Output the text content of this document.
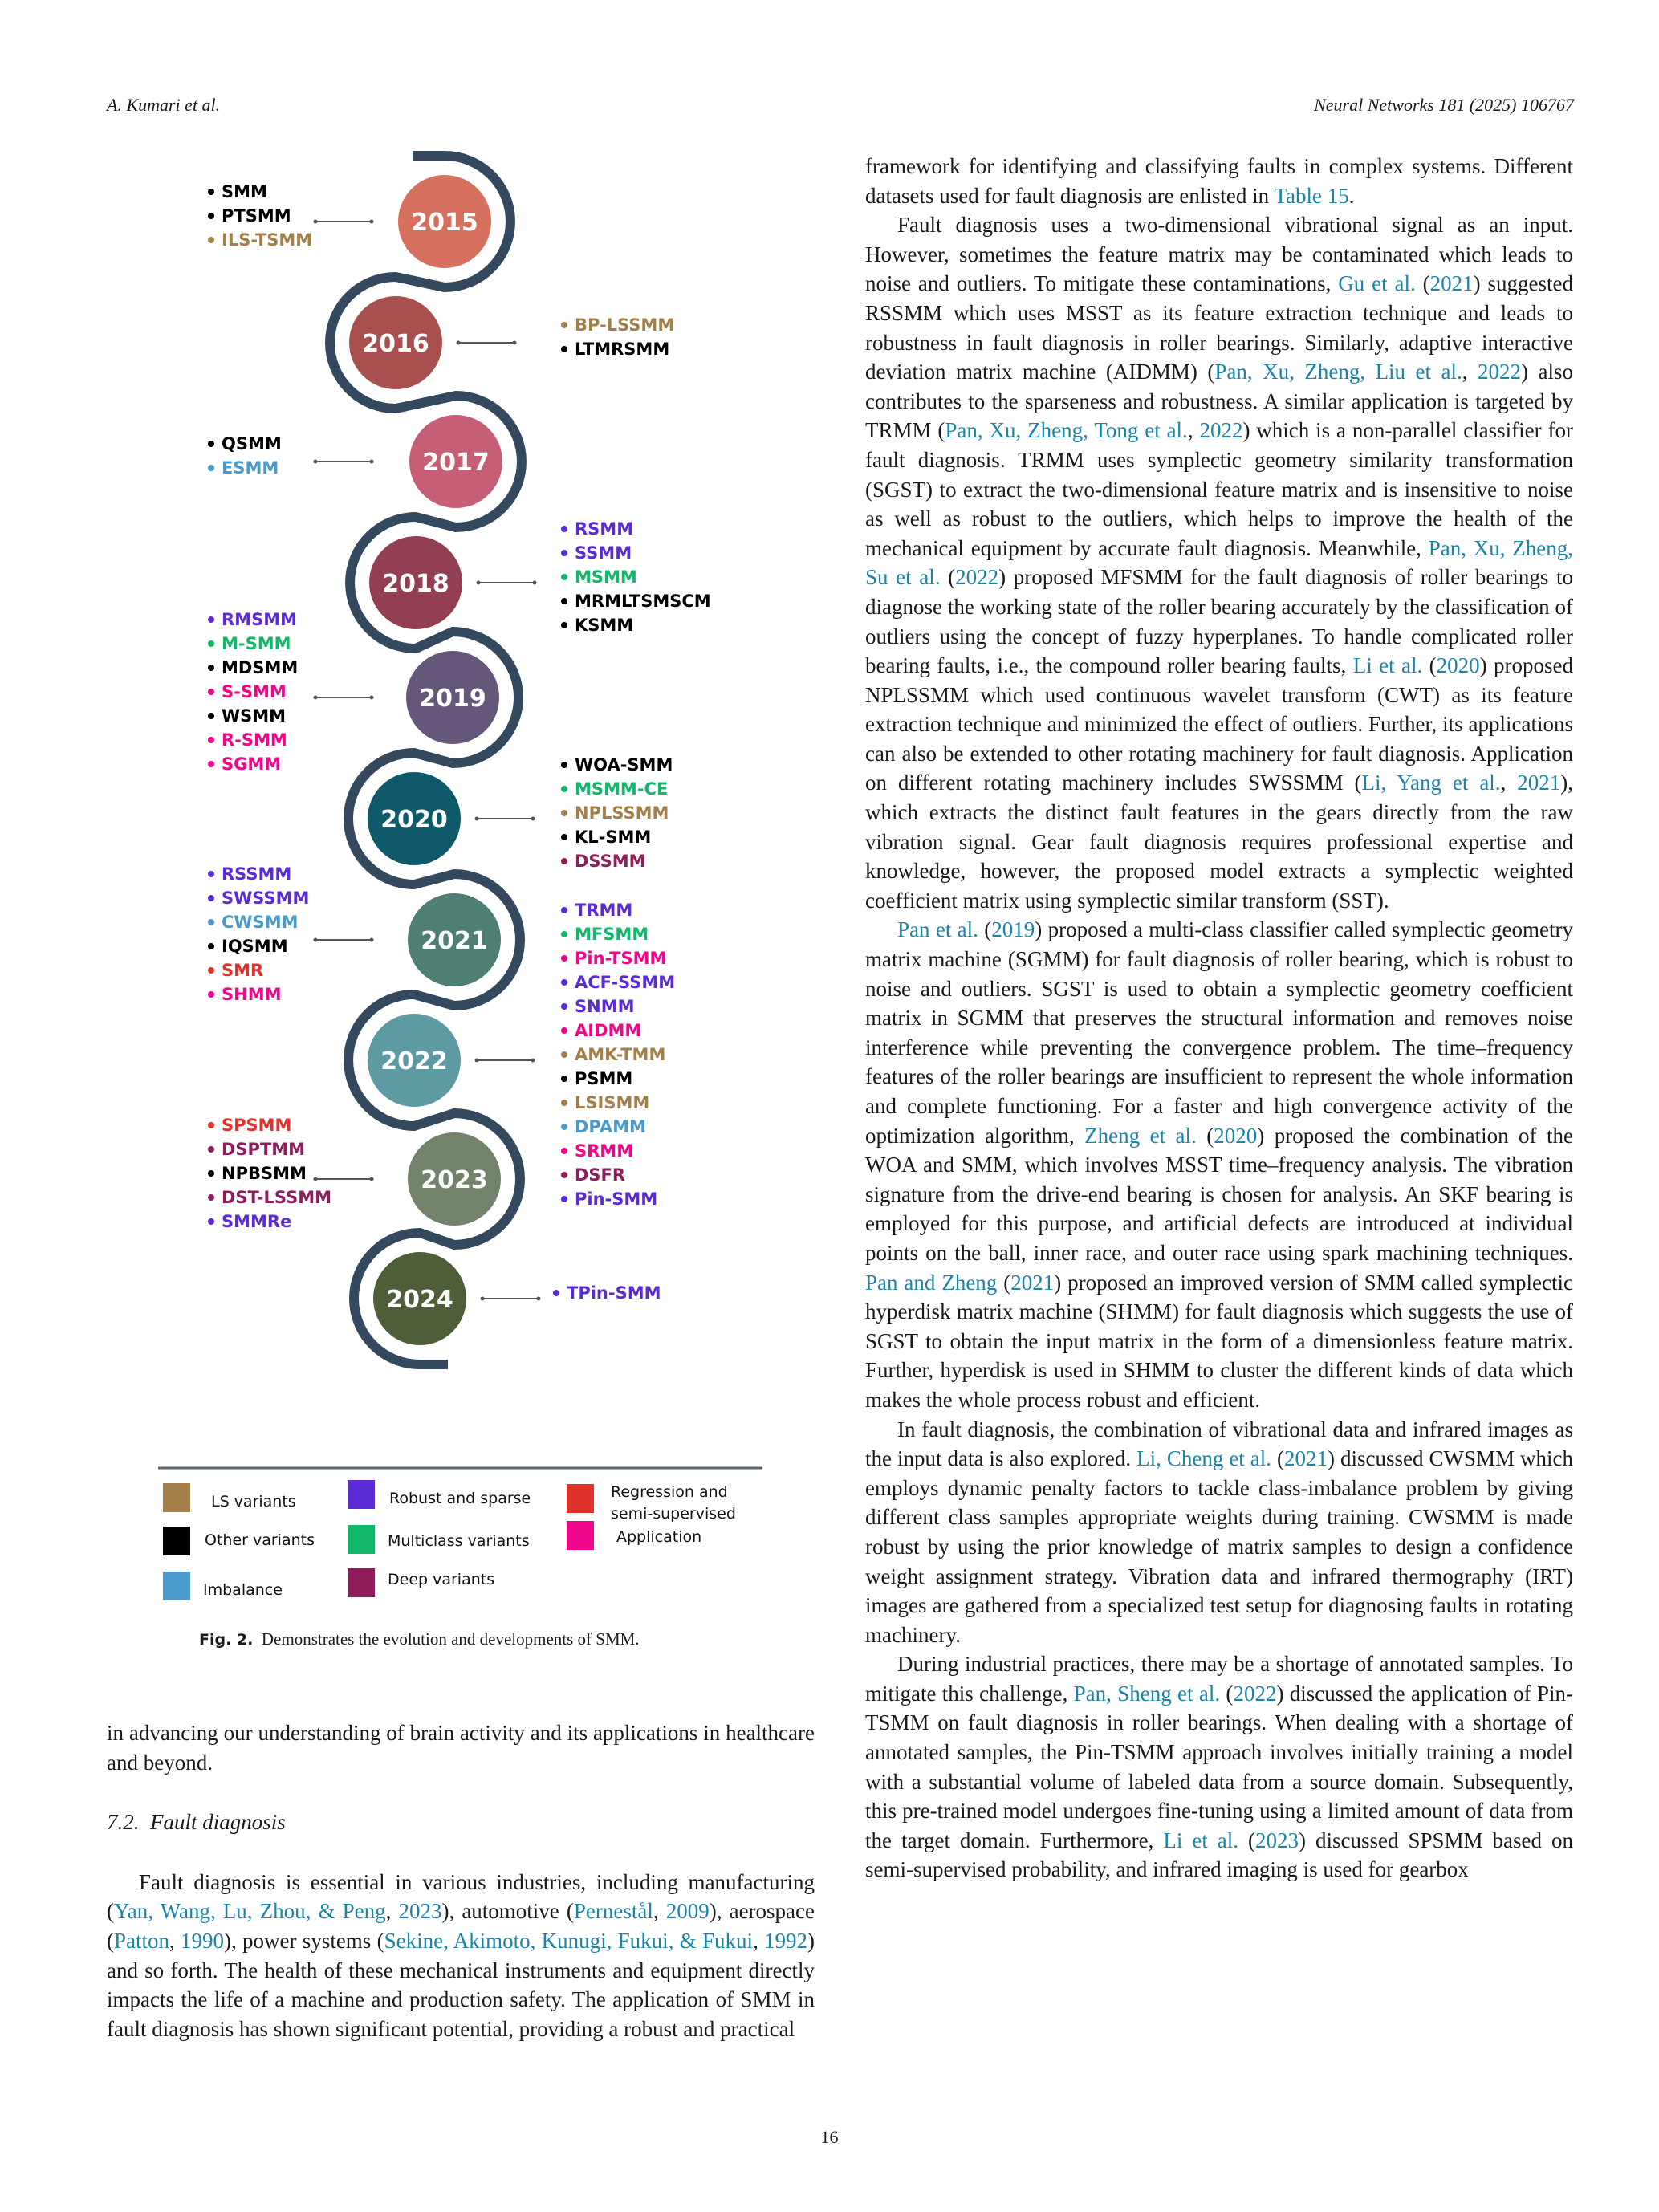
A. Kumari et al.	Neural Networks 181 (2025) 106767
2015
2016
2017
2018
2019
2020
2021
2022
2023
2024
SMM
PTSMM
ILS-TSMM
BP-LSSMM
LTMRSMM
QSMM
ESMM
RSMM
SSMM
MSMM
MRMLTSMSCM
KSMM
RMSMM
M-SMM
MDSMM
S-SMM
WSMM
R-SMM
SGMM	WOA-SMM
MSMM-CE
NPLSSMM
KL-SMM
DSSMM
RSSMM
SWSSMM
CWSMM
IQSMM
SMR
SHMM
TRMM
MFSMM
Pin-TSMM
ACF-SSMM
SNMM
AIDMM
AMK-TMM
PSMM
LSISMM
DPAMM
SRMM
DSFR
Pin-SMM
SPSMM
DSPTMM
NPBSMM
DST-LSSMM
SMMRe
TPin-SMM
LS variants	Robust and sparse	Regression and
semi-supervised
Other variants	Multiclass variants	Application
Imbalance
Deep variants
Fig. 2. Demonstrates the evolution and developments of SMM.

in advancing our understanding of brain activity and its applications in healthcare and beyond.

7.2. Fault diagnosis

Fault diagnosis is essential in various industries, including manufacturing (Yan, Wang, Lu, Zhou, & Peng, 2023), automotive (Pernestål, 2009), aerospace (Patton, 1990), power systems (Sekine, Akimoto, Kunugi, Fukui, & Fukui, 1992) and so forth. The health of these mechanical instruments and equipment directly impacts the life of a machine and production safety. The application of SMM in fault diagnosis has shown significant potential, providing a robust and practical

framework for identifying and classifying faults in complex systems. Different datasets used for fault diagnosis are enlisted in Table 15.

Fault diagnosis uses a two-dimensional vibrational signal as an input. However, sometimes the feature matrix may be contaminated which leads to noise and outliers. To mitigate these contaminations, Gu et al. (2021) suggested RSSMM which uses MSST as its feature extraction technique and leads to robustness in fault diagnosis in roller bearings. Similarly, adaptive interactive deviation matrix machine (AIDMM) (Pan, Xu, Zheng, Liu et al., 2022) also contributes to the sparseness and robustness. A similar application is targeted by TRMM (Pan, Xu, Zheng, Tong et al., 2022) which is a non-parallel classifier for fault diagnosis. TRMM uses symplectic geometry similarity transformation (SGST) to extract the two-dimensional feature matrix and is insensitive to noise as well as robust to the outliers, which helps to improve the health of the mechanical equipment by accurate fault diagnosis. Meanwhile, Pan, Xu, Zheng, Su et al. (2022) proposed MFSMM for the fault diagnosis of roller bearings to diagnose the working state of the roller bearing accurately by the classification of outliers using the concept of fuzzy hyperplanes. To handle complicated roller bearing faults, i.e., the compound roller bearing faults, Li et al. (2020) proposed NPLSSMM which used continuous wavelet transform (CWT) as its feature extraction technique and minimized the effect of outliers. Further, its applications can also be extended to other rotating machinery for fault diagnosis. Application on different rotating machinery includes SWSSMM (Li, Yang et al., 2021), which extracts the distinct fault features in the gears directly from the raw vibration signal. Gear fault diagnosis requires professional expertise and knowledge, however, the proposed model extracts a symplectic weighted coefficient matrix using symplectic similar transform (SST).

Pan et al. (2019) proposed a multi-class classifier called symplectic geometry matrix machine (SGMM) for fault diagnosis of roller bearing, which is robust to noise and outliers. SGST is used to obtain a symplectic geometry coefficient matrix in SGMM that preserves the structural information and removes noise interference while preventing the convergence problem. The time–frequency features of the roller bearings are insufficient to represent the whole information and complete functioning. For a faster and high convergence activity of the optimization algorithm, Zheng et al. (2020) proposed the combination of the WOA and SMM, which involves MSST time–frequency analysis. The vibration signature from the drive-end bearing is chosen for analysis. An SKF bearing is employed for this purpose, and artificial defects are introduced at individual points on the ball, inner race, and outer race using spark machining techniques. Pan and Zheng (2021) proposed an improved version of SMM called symplectic hyperdisk matrix machine (SHMM) for fault diagnosis which suggests the use of SGST to obtain the input matrix in the form of a dimensionless feature matrix. Further, hyperdisk is used in SHMM to cluster the different kinds of data which makes the whole process robust and efficient.

In fault diagnosis, the combination of vibrational data and infrared images as the input data is also explored. Li, Cheng et al. (2021) discussed CWSMM which employs dynamic penalty factors to tackle class-imbalance problem by giving different class samples appropriate weights during training. CWSMM is made robust by using the prior knowledge of matrix samples to design a confidence weight assignment strategy. Vibration data and infrared thermography (IRT) images are gathered from a specialized test setup for diagnosing faults in rotating machinery.

During industrial practices, there may be a shortage of annotated samples. To mitigate this challenge, Pan, Sheng et al. (2022) discussed the application of Pin-TSMM on fault diagnosis in roller bearings. When dealing with a shortage of annotated samples, the Pin-TSMM approach involves initially training a model with a substantial volume of labeled data from a source domain. Subsequently, this pre-trained model undergoes fine-tuning using a limited amount of data from the target domain. Furthermore, Li et al. (2023) discussed SPSMM based on semi-supervised probability, and infrared imaging is used for gearbox

16
